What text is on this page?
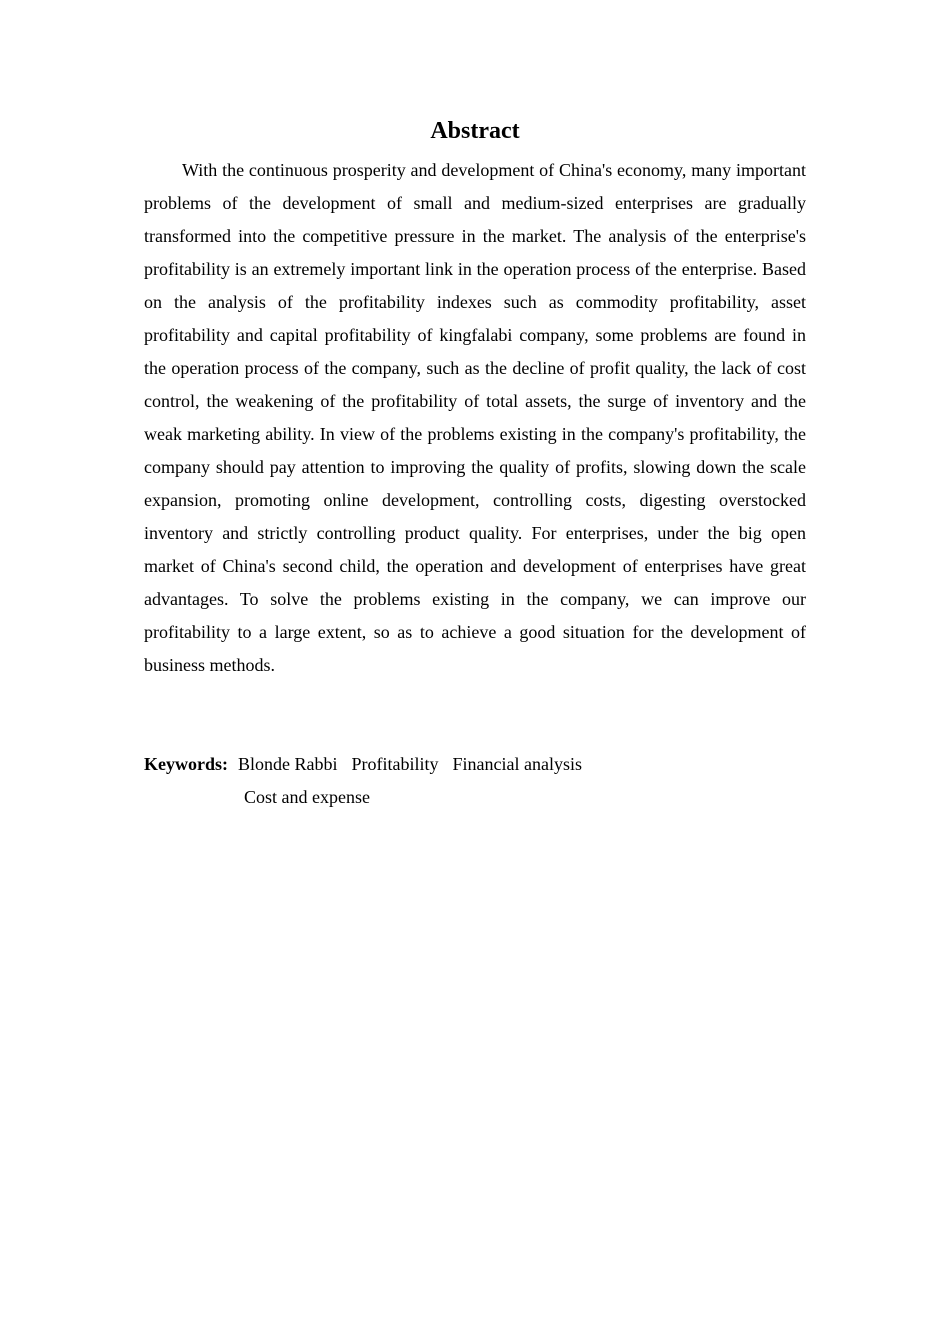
Abstract

With the continuous prosperity and development of China's economy, many important problems of the development of small and medium-sized enterprises are gradually transformed into the competitive pressure in the market. The analysis of the enterprise's profitability is an extremely important link in the operation process of the enterprise. Based on the analysis of the profitability indexes such as commodity profitability, asset profitability and capital profitability of kingfalabi company, some problems are found in the operation process of the company, such as the decline of profit quality, the lack of cost control, the weakening of the profitability of total assets, the surge of inventory and the weak marketing ability. In view of the problems existing in the company's profitability, the company should pay attention to improving the quality of profits, slowing down the scale expansion, promoting online development, controlling costs, digesting overstocked inventory and strictly controlling product quality. For enterprises, under the big open market of China's second child, the operation and development of enterprises have great advantages. To solve the problems existing in the company, we can improve our profitability to a large extent, so as to achieve a good situation for the development of business methods.

Keywords: Blonde Rabbi Profitability Financial analysis
Cost and expense
